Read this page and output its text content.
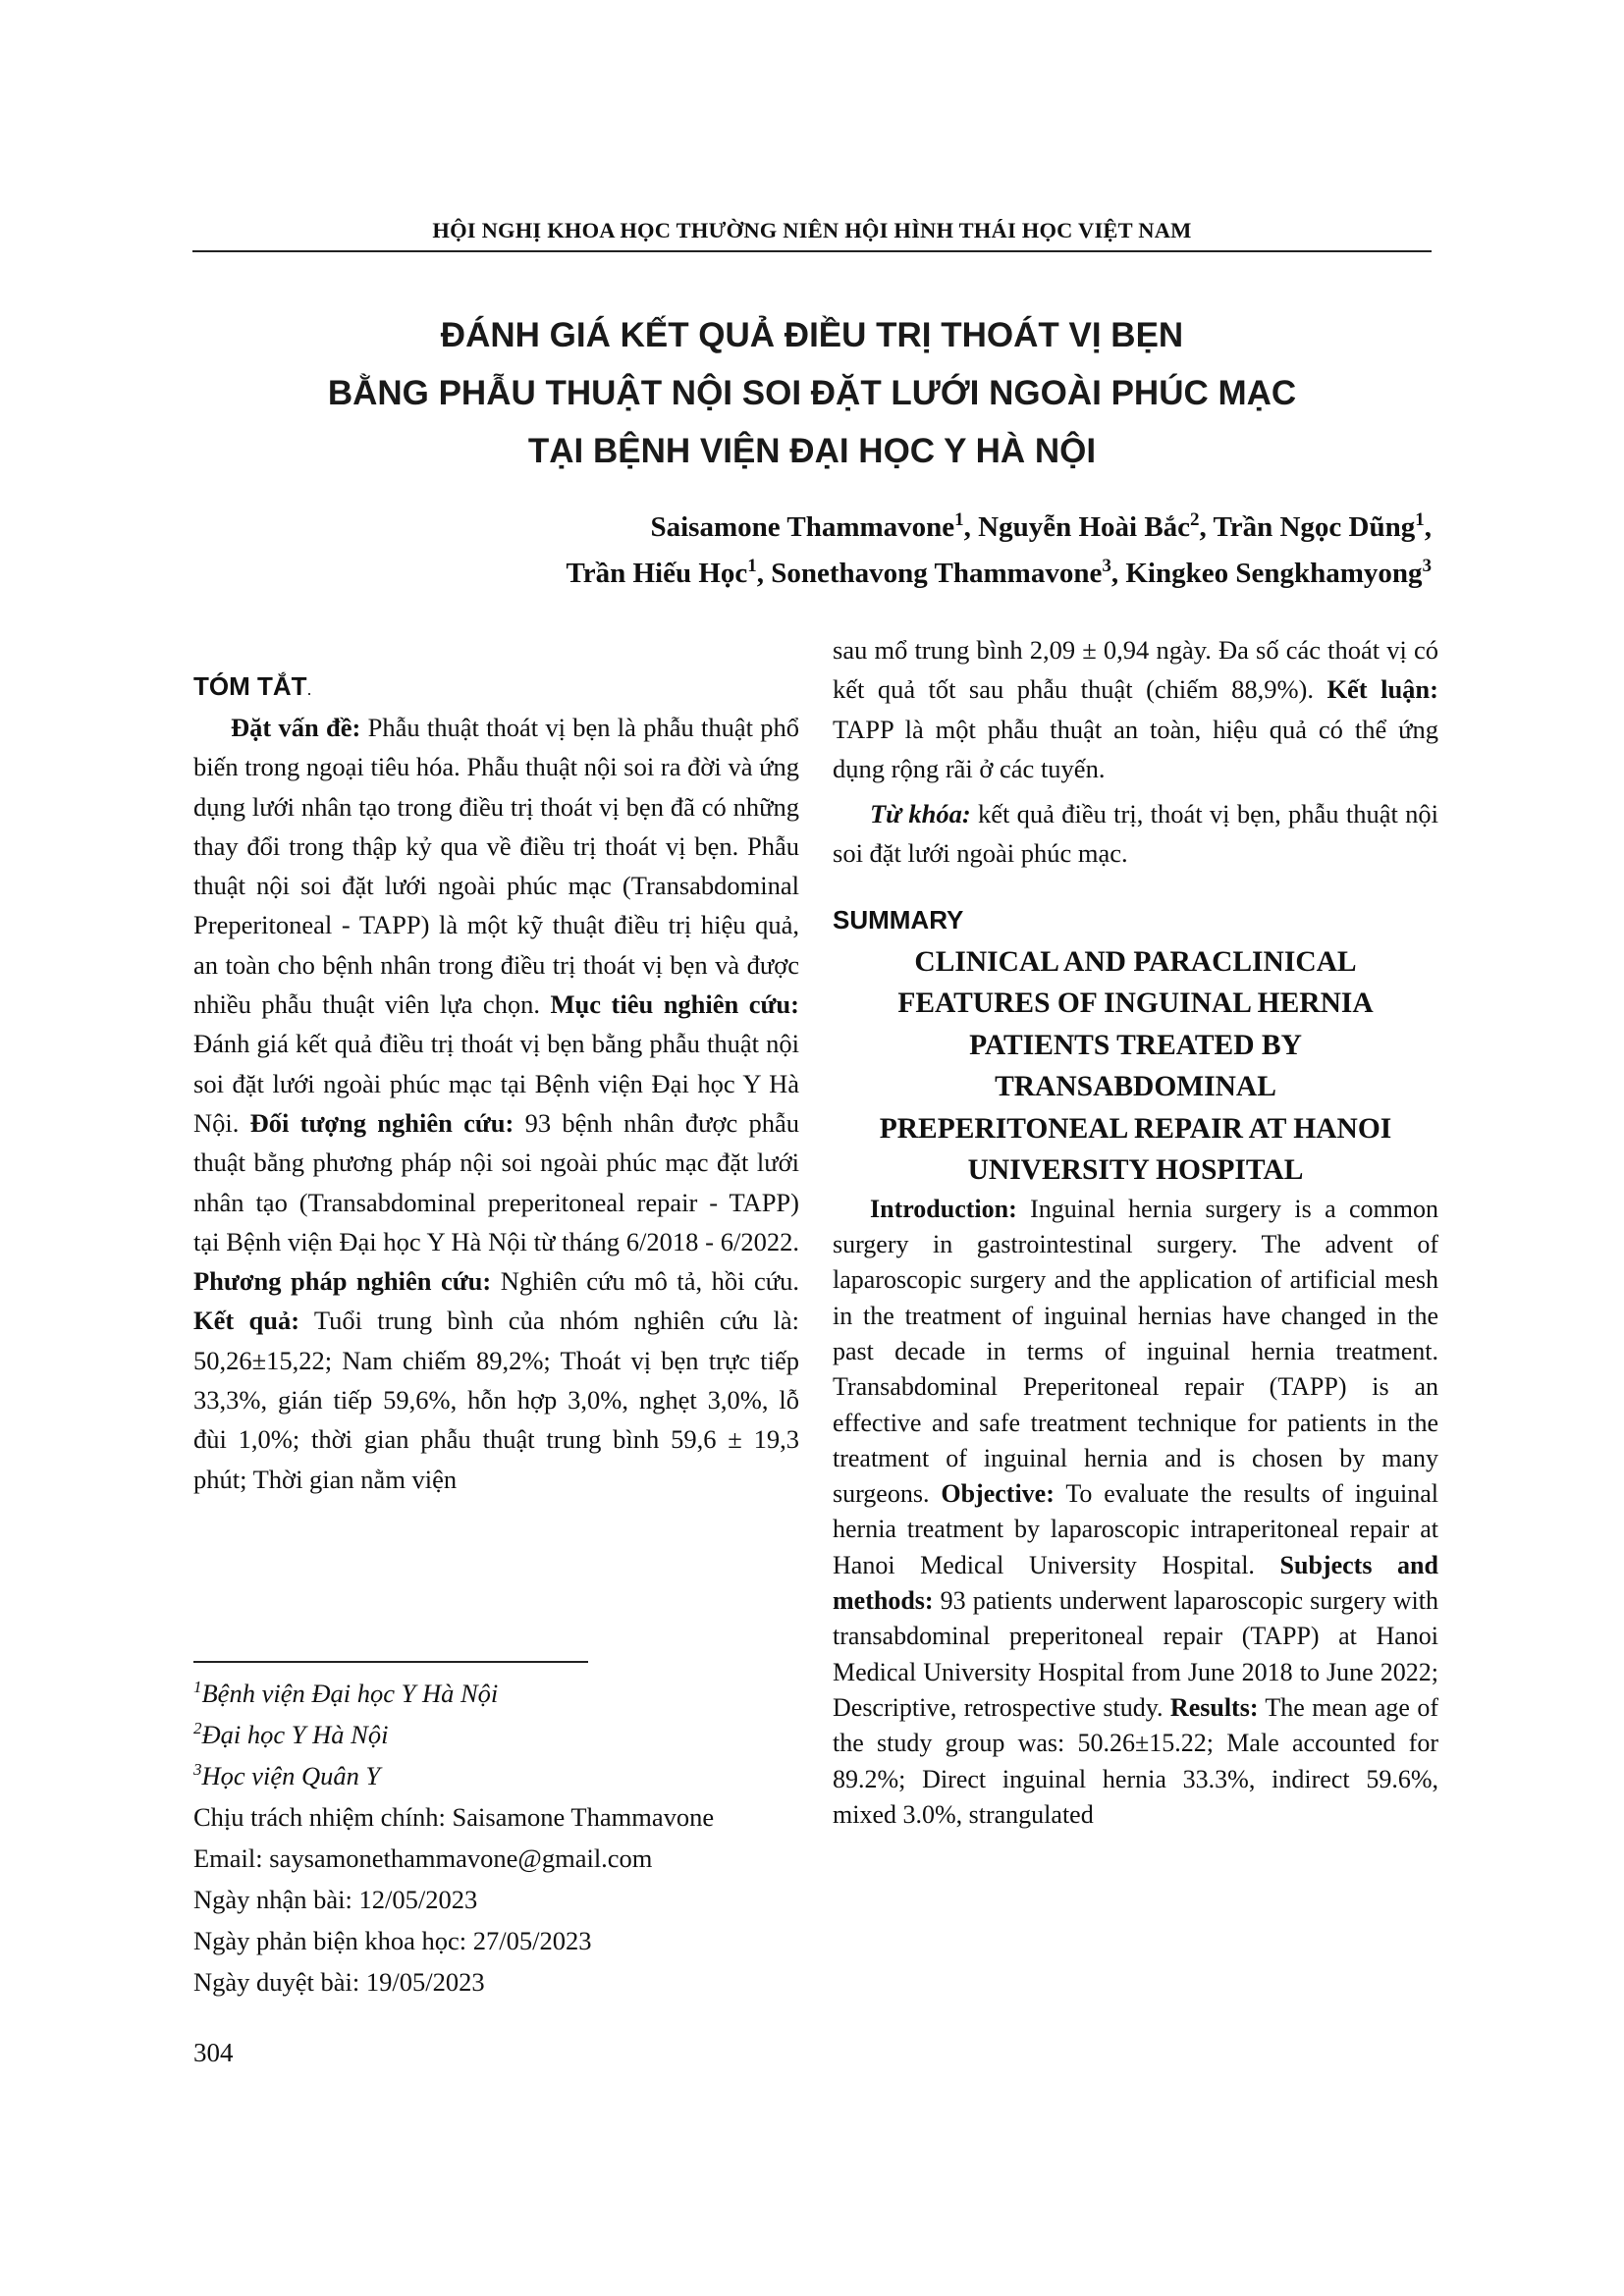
HỘI NGHỊ KHOA HỌC THƯỜNG NIÊN HỘI HÌNH THÁI HỌC VIỆT NAM
ĐÁNH GIÁ KẾT QUẢ ĐIỀU TRỊ THOÁT VỊ BẸN
BẰNG PHẪU THUẬT NỘI SOI ĐẶT LƯỚI NGOÀI PHÚC MẠC
TẠI BỆNH VIỆN ĐẠI HỌC Y HÀ NỘI
Saisamone Thammavone$^1$, Nguyễn Hoài Bắc$^2$, Trần Ngọc Dũng$^1$,
Trần Hiếu Học$^1$, Sonethavong Thammavone$^3$, Kingkeo Sengkhamyong$^3$
TÓM TẮT.

Đặt vấn đề: Phẫu thuật thoát vị bẹn là phẫu thuật phổ biến trong ngoại tiêu hóa. Phẫu thuật nội soi ra đời và ứng dụng lưới nhân tạo trong điều trị thoát vị bẹn đã có những thay đổi trong thập kỷ qua về điều trị thoát vị bẹn. Phẫu thuật nội soi đặt lưới ngoài phúc mạc (Transabdominal Preperitoneal - TAPP) là một kỹ thuật điều trị hiệu quả, an toàn cho bệnh nhân trong điều trị thoát vị bẹn và được nhiều phẫu thuật viên lựa chọn. Mục tiêu nghiên cứu: Đánh giá kết quả điều trị thoát vị bẹn bằng phẫu thuật nội soi đặt lưới ngoài phúc mạc tại Bệnh viện Đại học Y Hà Nội. Đối tượng nghiên cứu: 93 bệnh nhân được phẫu thuật bằng phương pháp nội soi ngoài phúc mạc đặt lưới nhân tạo (Transabdominal preperitoneal repair - TAPP) tại Bệnh viện Đại học Y Hà Nội từ tháng 6/2018 - 6/2022. Phương pháp nghiên cứu: Nghiên cứu mô tả, hồi cứu. Kết quả: Tuổi trung bình của nhóm nghiên cứu là: 50,26±15,22; Nam chiếm 89,2%; Thoát vị bẹn trực tiếp 33,3%, gián tiếp 59,6%, hỗn hợp 3,0%, nghẹt 3,0%, lỗ đùi 1,0%; thời gian phẫu thuật trung bình 59,6 ± 19,3 phút; Thời gian nằm viện

$^1$Bệnh viện Đại học Y Hà Nội
$^2$Đại học Y Hà Nội
$^3$Học viện Quân Y
Chịu trách nhiệm chính: Saisamone Thammavone
Email: saysamonethammavone@gmail.com
Ngày nhận bài: 12/05/2023
Ngày phản biện khoa học: 27/05/2023
Ngày duyệt bài: 19/05/2023

sau mổ trung bình 2,09 ± 0,94 ngày. Đa số các thoát vị có kết quả tốt sau phẫu thuật (chiếm 88,9%). Kết luận: TAPP là một phẫu thuật an toàn, hiệu quả có thể ứng dụng rộng rãi ở các tuyến.

Từ khóa: kết quả điều trị, thoát vị bẹn, phẫu thuật nội soi đặt lưới ngoài phúc mạc.

SUMMARY

CLINICAL AND PARACLINICAL
FEATURES OF INGUINAL HERNIA
PATIENTS TREATED BY
TRANSABDOMINAL
PREPERITONEAL REPAIR AT HANOI
UNIVERSITY HOSPITAL

Introduction: Inguinal hernia surgery is a common surgery in gastrointestinal surgery. The advent of laparoscopic surgery and the application of artificial mesh in the treatment of inguinal hernias have changed in the past decade in terms of inguinal hernia treatment. Transabdominal Preperitoneal repair (TAPP) is an effective and safe treatment technique for patients in the treatment of inguinal hernia and is chosen by many surgeons. Objective: To evaluate the results of inguinal hernia treatment by laparoscopic intraperitoneal repair at Hanoi Medical University Hospital. Subjects and methods: 93 patients underwent laparoscopic surgery with transabdominal preperitoneal repair (TAPP) at Hanoi Medical University Hospital from June 2018 to June 2022; Descriptive, retrospective study. Results: The mean age of the study group was: 50.26±15.22; Male accounted for 89.2%; Direct inguinal hernia 33.3%, indirect 59.6%, mixed 3.0%, strangulated

304
